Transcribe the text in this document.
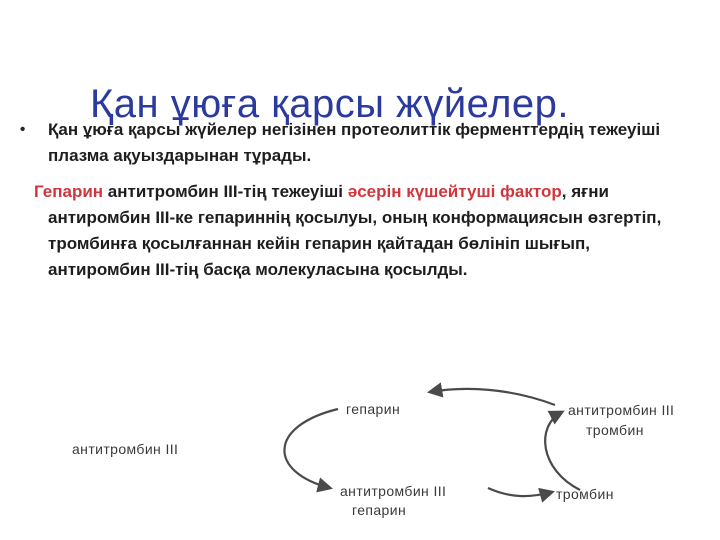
Қан ұюға қарсы жүйелер.
•	Қан ұюға қарсы жүйелер негізінен протеолиттік ферменттердің тежеуіші плазма ақуыздарынан тұрады.

Гепарин антитромбин III-тің тежеуіші әсерін күшейтуші фактор, яғни антиромбин III-ке гепариннің қосылуы, оның конформациясын өзгертіп, тромбинға қосылғаннан кейін гепарин қайтадан бөлініп шығып, антиромбин III-тің басқа молекуласына қосылды.

антитромбин III
гепарин
антитромбин III
гепарин
антитромбин III
тромбин
тромбин
